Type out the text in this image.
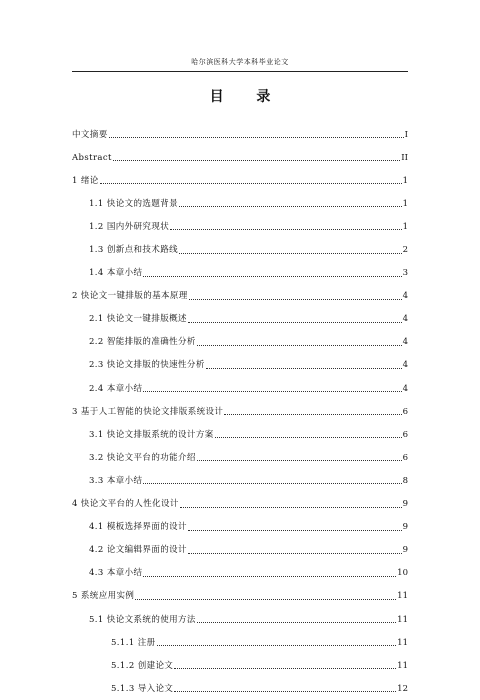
哈尔滨医科大学本科毕业论文
目 录
中文摘要	I
Abstract	II
1 绪论	1
1.1 快论文的选题背景	1
1.2 国内外研究现状	1
1.3 创新点和技术路线	2
1.4 本章小结	3
2 快论文一键排版的基本原理	4
2.1 快论文一键排版概述	4
2.2 智能排版的准确性分析	4
2.3 快论文排版的快速性分析	4
2.4 本章小结	4
3 基于人工智能的快论文排版系统设计	6
3.1 快论文排版系统的设计方案	6
3.2 快论文平台的功能介绍	6
3.3 本章小结	8
4 快论文平台的人性化设计	9
4.1 模板选择界面的设计	9
4.2 论文编辑界面的设计	9
4.3 本章小结	10
5 系统应用实例	11
5.1 快论文系统的使用方法	11
5.1.1 注册	11
5.1.2 创建论文	11
5.1.3 导入论文	12
